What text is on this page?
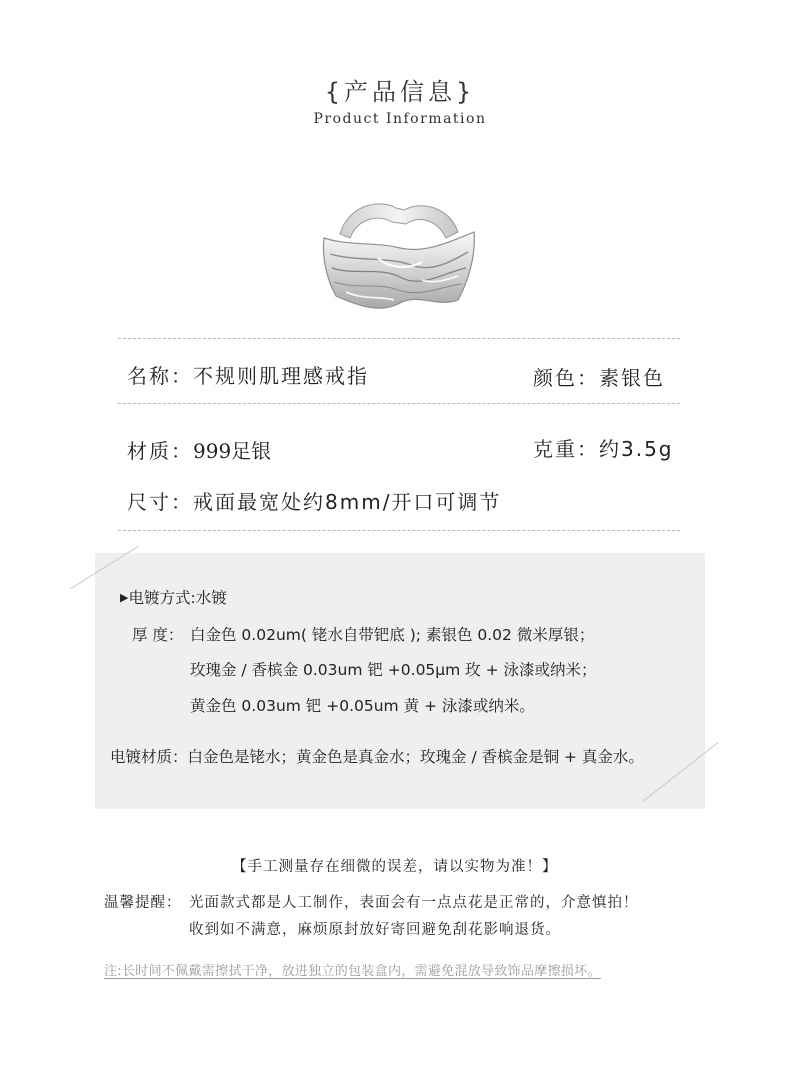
{产品信息}
Product Information
名称：不规则肌理感戒指	颜色：素银色
材质：999足银	克重：约3.5g
尺寸：戒面最宽处约8mm/开口可调节
▶电镀方式:水镀
厚 度： 白金色 0.02um( 铑水自带钯底 ); 素银色 0.02 微米厚银；
玫瑰金 / 香槟金 0.03um 钯 +0.05μm 玫 + 泳漆或纳米；
黄金色 0.03um 钯 +0.05um 黄 + 泳漆或纳米。
电镀材质：白金色是铑水；黄金色是真金水；玫瑰金 / 香槟金是铜 + 真金水。
【手工测量存在细微的误差，请以实物为准！】
温馨提醒： 光面款式都是人工制作，表面会有一点点花是正常的，介意慎拍！
收到如不满意，麻烦原封放好寄回避免刮花影响退货。
注:长时间不佩戴需擦拭干净，放进独立的包装盒内，需避免混放导致饰品摩擦损坏。
